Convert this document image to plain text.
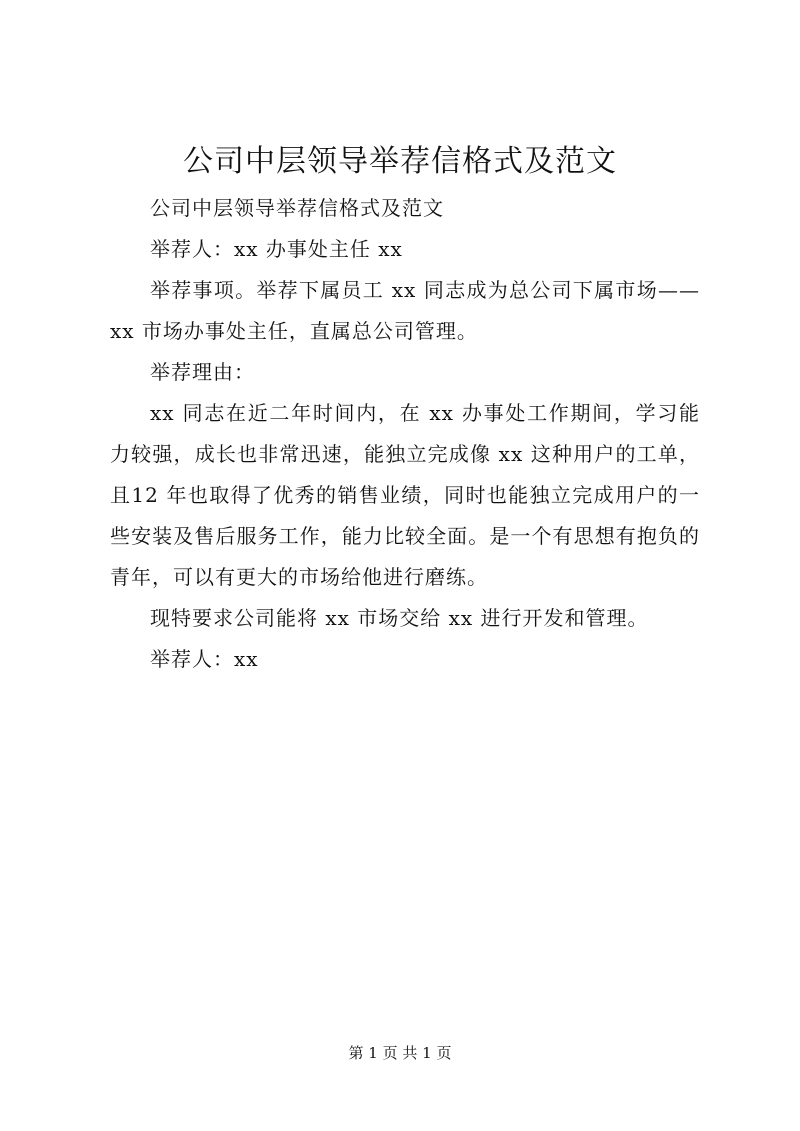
公司中层领导举荐信格式及范文

公司中层领导举荐信格式及范文

举荐人：xx 办事处主任 xx

举荐事项。举荐下属员工 xx 同志成为总公司下属市场——xx 市场办事处主任，直属总公司管理。

举荐理由：

xx 同志在近二年时间内，在 xx 办事处工作期间，学习能力较强，成长也非常迅速，能独立完成像 xx 这种用户的工单，且12 年也取得了优秀的销售业绩，同时也能独立完成用户的一些安装及售后服务工作，能力比较全面。是一个有思想有抱负的青年，可以有更大的市场给他进行磨练。

现特要求公司能将 xx 市场交给 xx 进行开发和管理。

举荐人：xx

第 1 页 共 1 页
